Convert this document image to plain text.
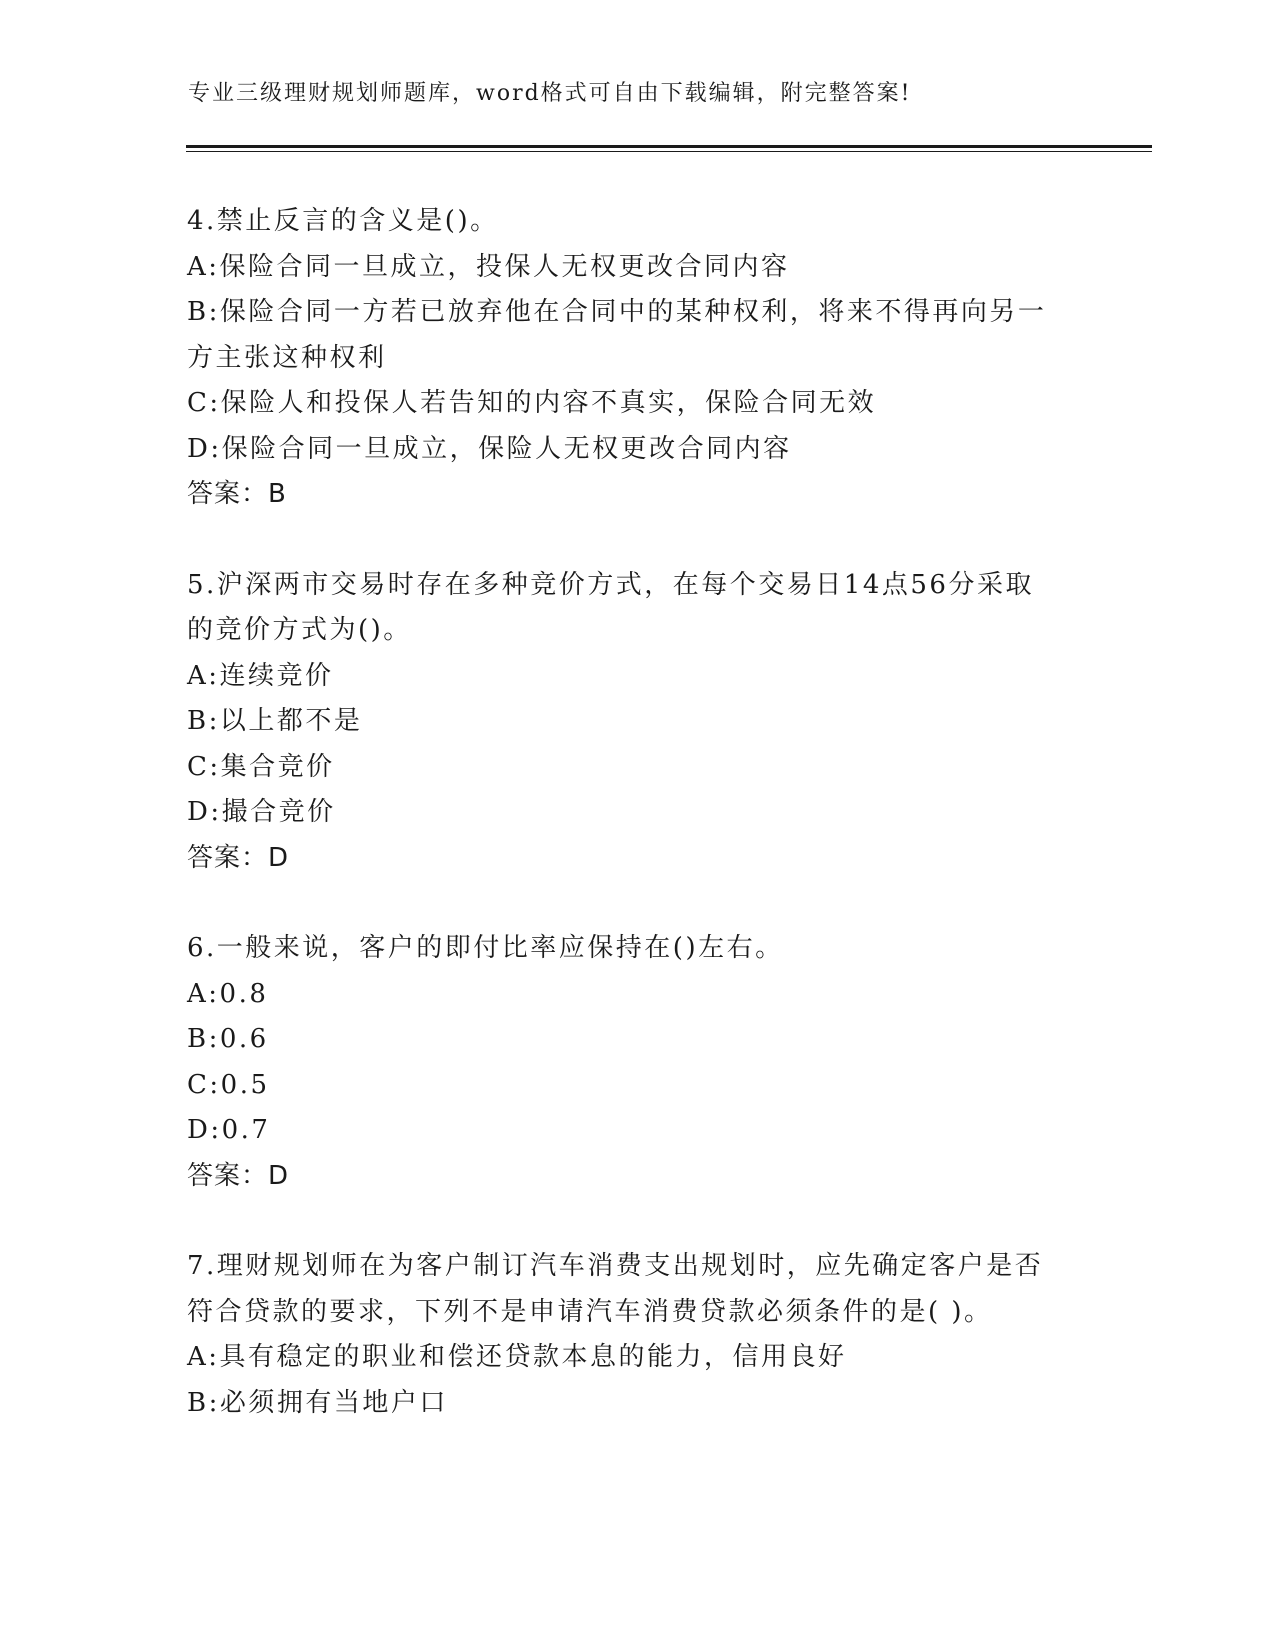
专业三级理财规划师题库，word格式可自由下载编辑，附完整答案!
4.禁止反言的含义是()。
A:保险合同一旦成立，投保人无权更改合同内容
B:保险合同一方若已放弃他在合同中的某种权利，将来不得再向另一
方主张这种权利
C:保险人和投保人若告知的内容不真实，保险合同无效
D:保险合同一旦成立，保险人无权更改合同内容
答案：B
5.沪深两市交易时存在多种竞价方式，在每个交易日14点56分采取
的竞价方式为()。
A:连续竞价
B:以上都不是
C:集合竞价
D:撮合竞价
答案：D
6.一般来说，客户的即付比率应保持在()左右。
A:0.8
B:0.6
C:0.5
D:0.7
答案：D
7.理财规划师在为客户制订汽车消费支出规划时，应先确定客户是否
符合贷款的要求，下列不是申请汽车消费贷款必须条件的是( )。
A:具有稳定的职业和偿还贷款本息的能力，信用良好
B:必须拥有当地户口
